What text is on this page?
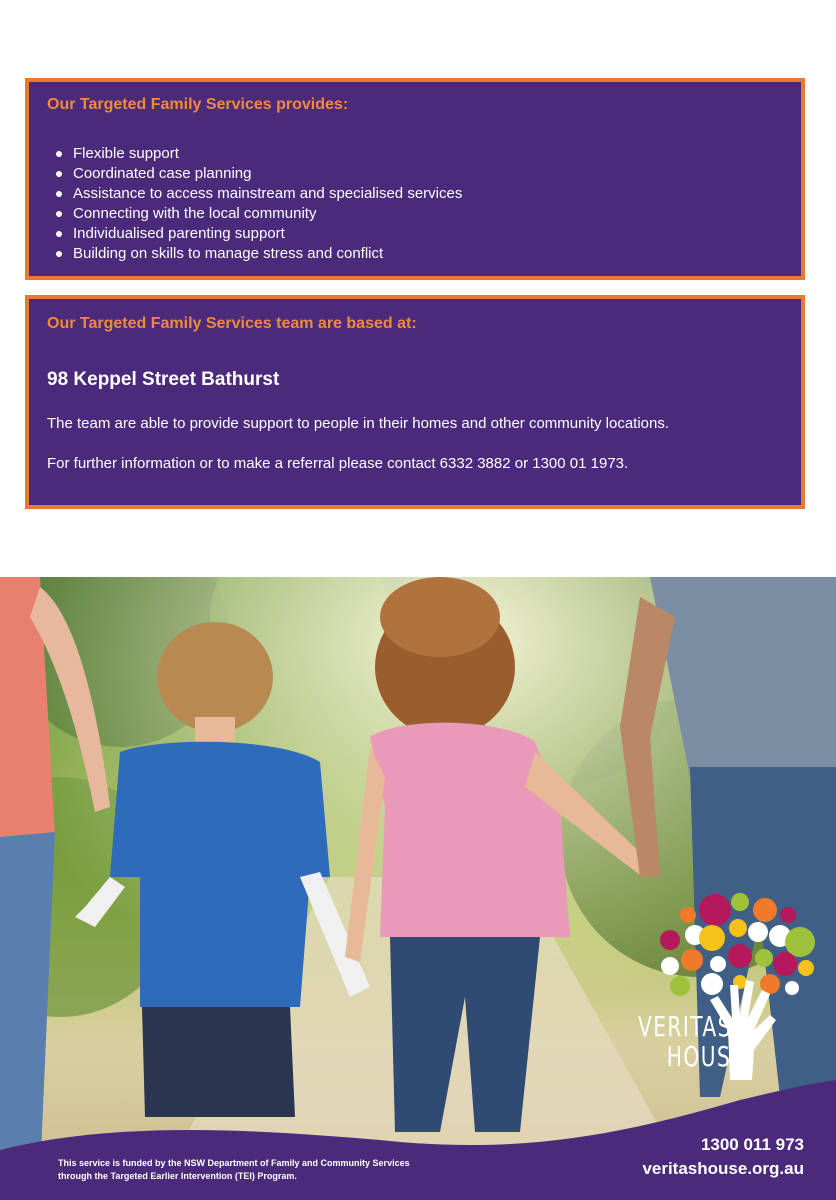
Our Targeted Family Services provides:
Flexible support
Coordinated case planning
Assistance to access mainstream and specialised services
Connecting with the local community
Individualised parenting support
Building on skills to manage stress and conflict
Our Targeted Family Services team are based at:
98 Keppel Street Bathurst
The team are able to provide support to people in their homes and other community locations.
For further information or to make a referral please contact 6332 3882 or 1300 01 1973.
VERITAS
HOUSE
This service is funded by the NSW Department of Family and Community Services
through the Targeted Earlier Intervention (TEI) Program.
1300 011 973
veritashouse.org.au
